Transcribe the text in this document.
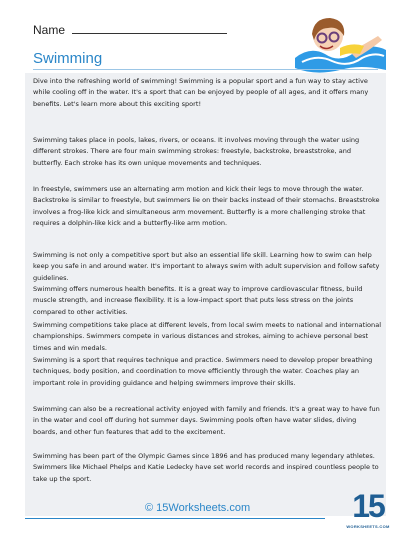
Name
Swimming

Dive into the refreshing world of swimming! Swimming is a popular sport and a fun way to stay active while cooling off in the water. It's a sport that can be enjoyed by people of all ages, and it offers many benefits. Let's learn more about this exciting sport!

Swimming takes place in pools, lakes, rivers, or oceans. It involves moving through the water using different strokes. There are four main swimming strokes: freestyle, backstroke, breaststroke, and butterfly. Each stroke has its own unique movements and techniques.

In freestyle, swimmers use an alternating arm motion and kick their legs to move through the water. Backstroke is similar to freestyle, but swimmers lie on their backs instead of their stomachs. Breaststroke involves a frog-like kick and simultaneous arm movement. Butterfly is a more challenging stroke that requires a dolphin-like kick and a butterfly-like arm motion.

Swimming is not only a competitive sport but also an essential life skill. Learning how to swim can help keep you safe in and around water. It's important to always swim with adult supervision and follow safety guidelines.

Swimming offers numerous health benefits. It is a great way to improve cardiovascular fitness, build muscle strength, and increase flexibility. It is a low-impact sport that puts less stress on the joints compared to other activities.

Swimming competitions take place at different levels, from local swim meets to national and international championships. Swimmers compete in various distances and strokes, aiming to achieve personal best times and win medals.

Swimming is a sport that requires technique and practice. Swimmers need to develop proper breathing techniques, body position, and coordination to move efficiently through the water. Coaches play an important role in providing guidance and helping swimmers improve their skills.

Swimming can also be a recreational activity enjoyed with family and friends. It's a great way to have fun in the water and cool off during hot summer days. Swimming pools often have water slides, diving boards, and other fun features that add to the excitement.

Swimming has been part of the Olympic Games since 1896 and has produced many legendary athletes. Swimmers like Michael Phelps and Katie Ledecky have set world records and inspired countless people to take up the sport.

© 15Worksheets.com	15
WORKSHEETS.COM
